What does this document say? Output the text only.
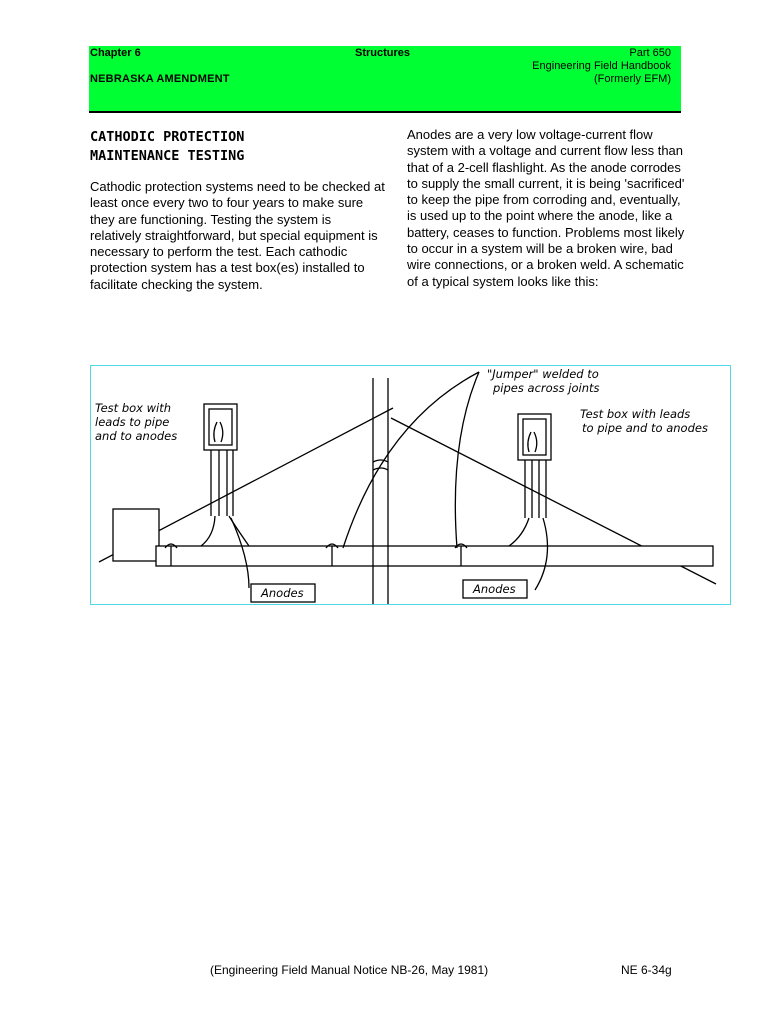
Chapter 6
NEBRASKA AMENDMENT
Structures	Part 650
Engineering Field Handbook
(Formerly EFM)
CATHODIC PROTECTION
MAINTENANCE TESTING
Cathodic protection systems need to be checked at least once every two to four years to make sure they are functioning. Testing the system is relatively straightforward, but special equipment is necessary to perform the test. Each cathodic protection system has a test box(es) installed to facilitate checking the system.
Anodes are a very low voltage-current flow system with a voltage and current flow less than that of a 2-cell flashlight. As the anode corrodes to supply the small current, it is being 'sacrificed' to keep the pipe from corroding and, eventually, is used up to the point where the anode, like a battery, ceases to function. Problems most likely to occur in a system will be a broken wire, bad wire connections, or a broken weld. A schematic of a typical system looks like this:
Test box with
leads to pipe
and to anodes
"Jumper" welded to
pipes across joints
Test box with leads
to pipe and to anodes
Anodes	Anodes
(Engineering Field Manual Notice NB-26, May 1981)	NE 6-34g
